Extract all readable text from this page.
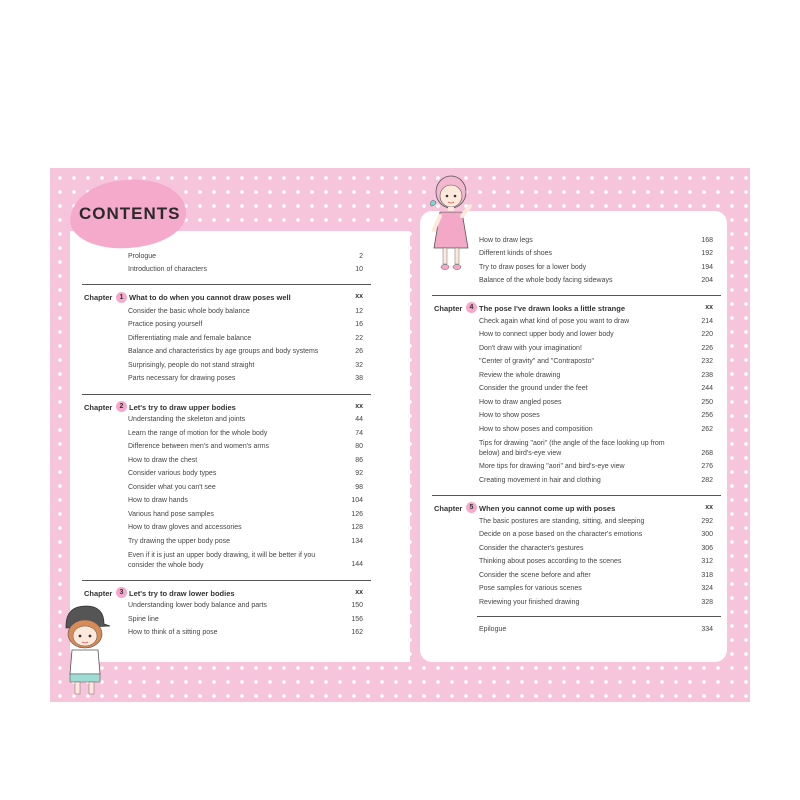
CONTENTS
Prologue	2
Introduction of characters	10
Chapter	1 What to do when you cannot draw poses well	xx
Consider the basic whole body balance	12
Practice posing yourself	16
Differentiating male and female balance	22
Balance and characteristics by age groups and body systems	26
Surprisingly, people do not stand straight	32
Parts necessary for drawing poses	38
Chapter	2 Let's try to draw upper bodies	xx
Understanding the skeleton and joints	44
Learn the range of motion for the whole body	74
Difference between men's and women's arms	80
How to draw the chest	86
Consider various body types	92
Consider what you can't see	98
How to draw hands	104
Various hand pose samples	126
How to draw gloves and accessories	128
Try drawing the upper body pose	134
Even if it is just an upper body drawing, it will be better if you consider the whole body	144
Chapter	3 Let's try to draw lower bodies	xx
Understanding lower body balance and parts	150
Spine line	156
How to think of a sitting pose	162
How to draw legs	168
Different kinds of shoes	192
Try to draw poses for a lower body	194
Balance of the whole body facing sideways	204
Chapter	4 The pose I've drawn looks a little strange	xx
Check again what kind of pose you want to draw	214
How to connect upper body and lower body	220
Don't draw with your imagination!	226
"Center of gravity" and "Contraposto"	232
Review the whole drawing	238
Consider the ground under the feet	244
How to draw angled poses	250
How to show poses	256
How to show poses and composition	262
Tips for drawing "aori" (the angle of the face looking up from below) and bird's-eye view	268
More tips for drawing "aori" and bird's-eye view	276
Creating movement in hair and clothing	282
Chapter	5 When you cannot come up with poses	xx
The basic postures are standing, sitting, and sleeping	292
Decide on a pose based on the character's emotions	300
Consider the character's gestures	306
Thinking about poses according to the scenes	312
Consider the scene before and after	318
Pose samples for various scenes	324
Reviewing your finished drawing	328
Epilogue	334
